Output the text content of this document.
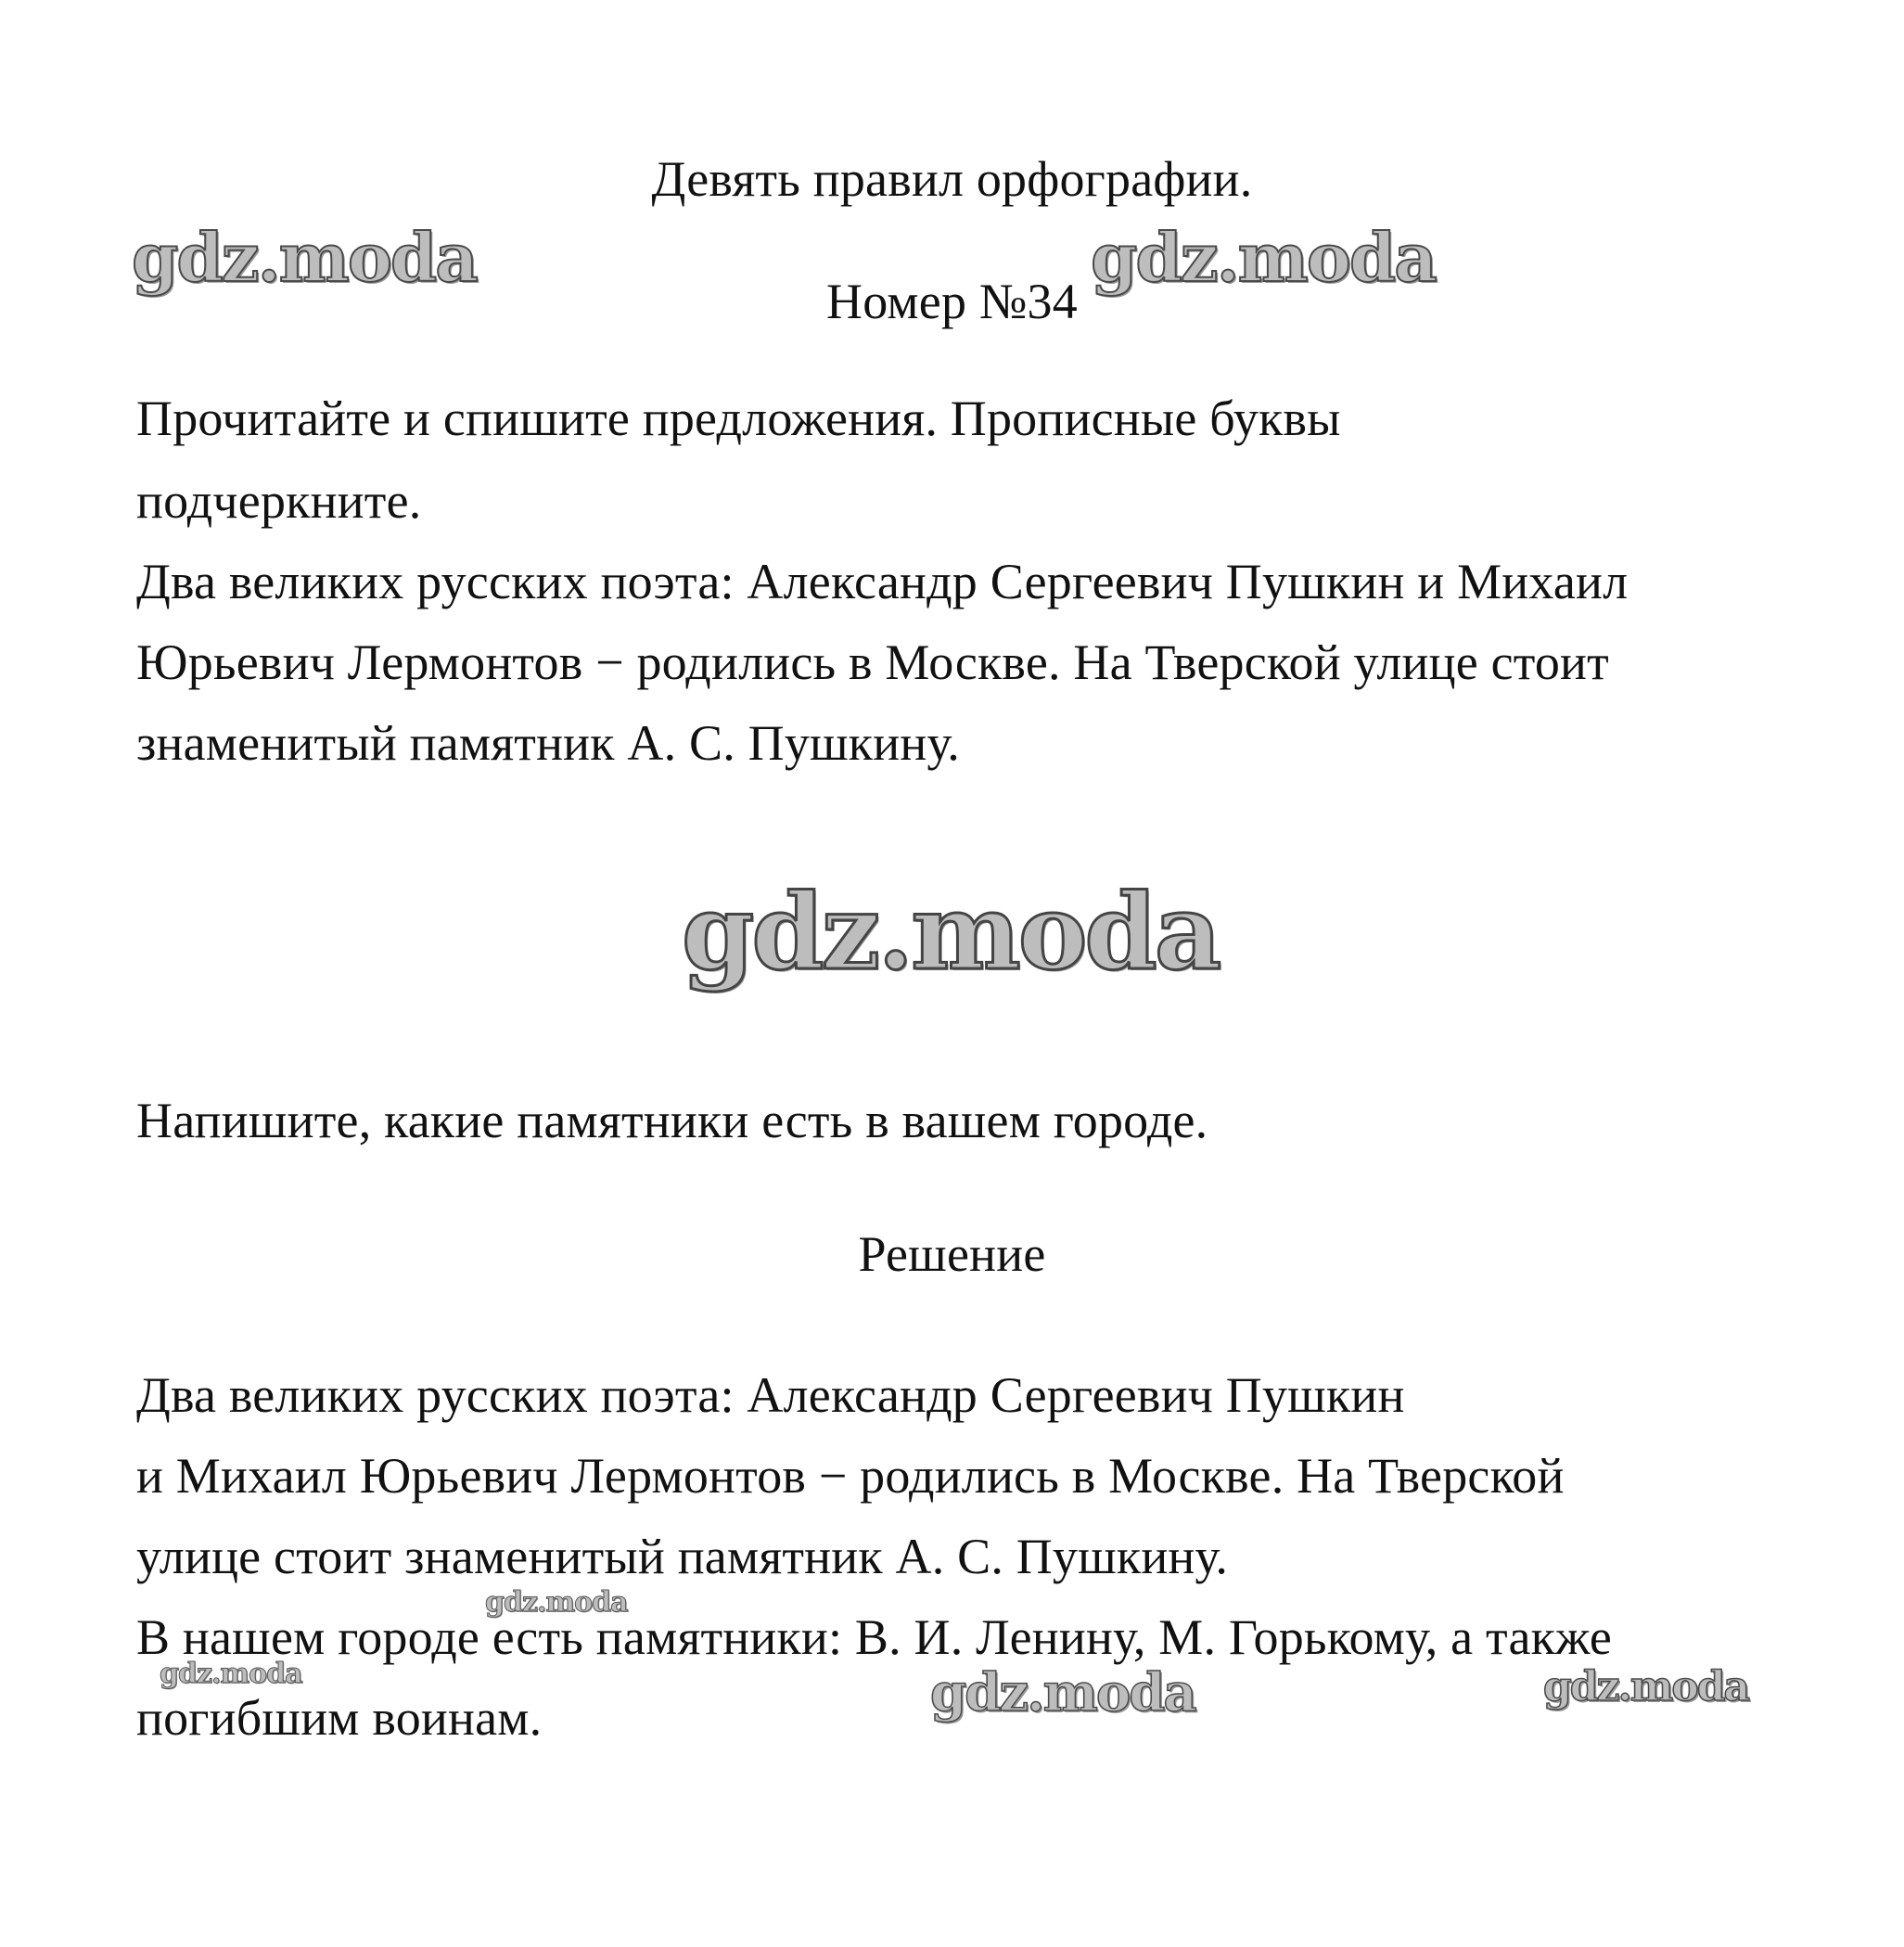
Девять правил орфографии.
Номер №34
Прочитайте и спишите предложения. Прописные буквы
подчеркните.
Два великих русских поэта: Александр Сергеевич Пушкин и Михаил
Юрьевич Лермонтов − родились в Москве. На Тверской улице стоит
знаменитый памятник А. С. Пушкину.
Напишите, какие памятники есть в вашем городе.
Решение
Два великих русских поэта: Александр Сергеевич Пушкин
и Михаил Юрьевич Лермонтов − родились в Москве. На Тверской
улице стоит знаменитый памятник А. С. Пушкину.
В нашем городе есть памятники: В. И. Ленину, М. Горькому, а также
погибшим воинам.
gdz.moda	gdz.moda
gdz.moda
gdz.moda
gdz.moda	gdz.moda	gdz.moda
